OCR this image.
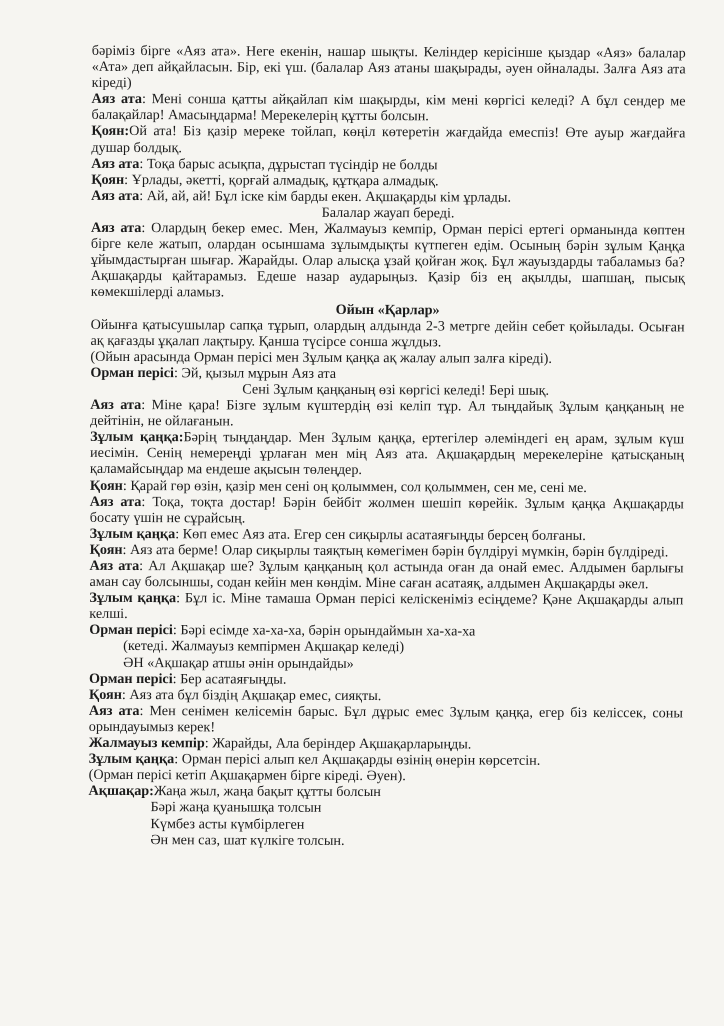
бәріміз бірге «Аяз ата». Неге екенін, нашар шықты. Келіндер керісінше қыздар «Аяз» балалар «Ата» деп айқайласын. Бір, екі үш. (балалар Аяз атаны шақырады, әуен ойналады. Залға Аяз ата кіреді)

Аяз ата: Мені сонша қатты айқайлап кім шақырды, кім мені көргісі келеді? А бұл сендер ме балақайлар! Амасыңдарма! Мерекелерің құтты болсын.

Қоян:Ой ата! Біз қазір мереке тойлап, көңіл көтеретін жағдайда емеспіз! Өте ауыр жағдайға душар болдық.

Аяз ата: Тоқа барыс асықпа, дұрыстап түсіндір не болды

Қоян: Ұрлады, әкетті, қорғай алмадық, құтқара алмадық.

Аяз ата: Ай, ай, ай! Бұл іске кім барды екен. Ақшақарды кім ұрлады.

Балалар жауап береді.

Аяз ата: Олардың бекер емес. Мен, Жалмауыз кемпір, Орман перісі ертегі орманында көптен бірге келе жатып, олардан осыншама зұлымдықты күтпеген едім. Осының бәрін зұлым Қаңқа ұйымдастырған шығар. Жарайды. Олар алысқа ұзай қойған жоқ. Бұл жауыздарды табаламыз ба? Ақшақарды қайтарамыз. Едеше назар аударыңыз. Қазір біз ең ақылды, шапшаң, пысық көмекшілерді аламыз.

Ойын «Қарлар»

Ойынға қатысушылар сапқа тұрып, олардың алдында 2-3 метрге дейін себет қойылады. Осыған ақ қағазды ұқалап лақтыру. Қанша түсірсе сонша жұлдыз.

(Ойын арасында Орман перісі мен Зұлым қаңқа ақ жалау алып залға кіреді).

Орман перісі: Эй, қызыл мұрын Аяз ата

Сені Зұлым қаңқаның өзі көргісі келеді! Бері шық.

Аяз ата: Міне қара! Бізге зұлым күштердің өзі келіп тұр. Ал тыңдайық Зұлым қаңқаның не дейтінін, не ойлағанын.

Зұлым қаңқа:Бәрің тыңдаңдар. Мен Зұлым қаңқа, ертегілер әлеміндегі ең арам, зұлым күш иесімін. Сенің немереңді ұрлаған мен мің Аяз ата. Ақшақардың мерекелеріне қатысқаның қаламайсыңдар ма ендеше ақысын төлеңдер.

Қоян: Қарай гөр өзін, қазір мен сені оң қолыммен, сол қолыммен, сен ме, сені ме.

Аяз ата: Тоқа, тоқта достар! Бәрін бейбіт жолмен шешіп көрейік. Зұлым қаңқа Ақшақарды босату үшін не сұрайсың.

Зұлым қаңқа: Көп емес Аяз ата. Егер сен сиқырлы асатаяғыңды берсең болғаны.

Қоян: Аяз ата берме! Олар сиқырлы таяқтың көмегімен бәрін бүлдіруі мүмкін, бәрін бүлдіреді.

Аяз ата: Ал Ақшақар ше? Зұлым қаңқаның қол астында оған да онай емес. Алдымен барлығы аман сау болсыншы, содан кейін мен көндім. Міне саған асатаяқ, алдымен Ақшақарды әкел.

Зұлым қаңқа: Бұл іс. Міне тамаша Орман перісі келіскеніміз есіңдеме? Қәне Ақшақарды алып келші.

Орман перісі: Бәрі есімде ха-ха-ха, бәрін орындаймын ха-ха-ха

(кетеді. Жалмауыз кемпірмен Ақшақар келеді)

ӘН «Ақшақар атшы әнін орындайды»

Орман перісі: Бер асатаяғыңды.

Қоян: Аяз ата бұл біздің Ақшақар емес, сияқты.

Аяз ата: Мен сенімен келісемін барыс. Бұл дұрыс емес Зұлым қаңқа, егер біз келіссек, соны орындауымыз керек!

Жалмауыз кемпір: Жарайды, Ала беріндер Ақшақарларыңды.

Зұлым қаңқа: Орман перісі алып кел Ақшақарды өзінің өнерін көрсетсін.

(Орман перісі кетіп Ақшақармен бірге кіреді. Әуен).

Ақшақар:Жаңа жыл, жаңа бақыт құтты болсын

Бәрі жаңа қуанышқа толсын

Күмбез асты күмбірлеген

Ән мен саз, шат күлкіге толсын.
